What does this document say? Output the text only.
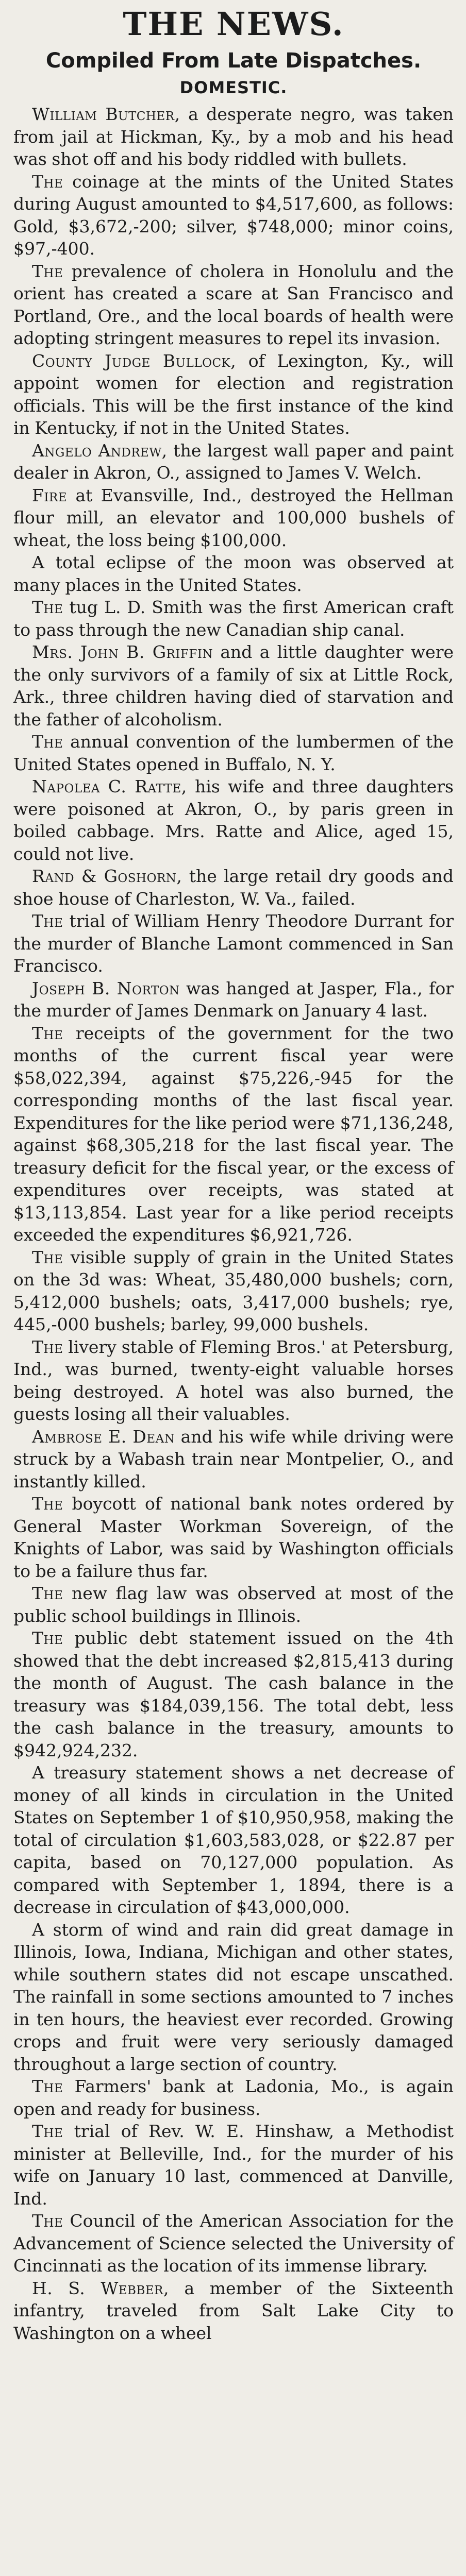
THE NEWS.
Compiled From Late Dispatches.
DOMESTIC.

William Butcher, a desperate negro, was taken from jail at Hickman, Ky., by a mob and his head was shot off and his body riddled with bullets.

The coinage at the mints of the United States during August amounted to $4,517,600, as follows: Gold, $3,672,-200; silver, $748,000; minor coins, $97,-400.

The prevalence of cholera in Honolulu and the orient has created a scare at San Francisco and Portland, Ore., and the local boards of health were adopting stringent measures to repel its invasion.

County Judge Bullock, of Lexington, Ky., will appoint women for election and registration officials. This will be the first instance of the kind in Kentucky, if not in the United States.

Angelo Andrew, the largest wall paper and paint dealer in Akron, O., assigned to James V. Welch.

Fire at Evansville, Ind., destroyed the Hellman flour mill, an elevator and 100,000 bushels of wheat, the loss being $100,000.

A total eclipse of the moon was observed at many places in the United States.

The tug L. D. Smith was the first American craft to pass through the new Canadian ship canal.

Mrs. John B. Griffin and a little daughter were the only survivors of a family of six at Little Rock, Ark., three children having died of starvation and the father of alcoholism.

The annual convention of the lumbermen of the United States opened in Buffalo, N. Y.

Napolea C. Ratte, his wife and three daughters were poisoned at Akron, O., by paris green in boiled cabbage. Mrs. Ratte and Alice, aged 15, could not live.

Rand & Goshorn, the large retail dry goods and shoe house of Charleston, W. Va., failed.

The trial of William Henry Theodore Durrant for the murder of Blanche Lamont commenced in San Francisco.

Joseph B. Norton was hanged at Jasper, Fla., for the murder of James Denmark on January 4 last.

The receipts of the government for the two months of the current fiscal year were $58,022,394, against $75,226,-945 for the corresponding months of the last fiscal year. Expenditures for the like period were $71,136,248, against $68,305,218 for the last fiscal year. The treasury deficit for the fiscal year, or the excess of expenditures over receipts, was stated at $13,113,854. Last year for a like period receipts exceeded the expenditures $6,921,726.

The visible supply of grain in the United States on the 3d was: Wheat, 35,480,000 bushels; corn, 5,412,000 bushels; oats, 3,417,000 bushels; rye, 445,-000 bushels; barley, 99,000 bushels.

The livery stable of Fleming Bros.' at Petersburg, Ind., was burned, twenty-eight valuable horses being destroyed. A hotel was also burned, the guests losing all their valuables.

Ambrose E. Dean and his wife while driving were struck by a Wabash train near Montpelier, O., and instantly killed.

The boycott of national bank notes ordered by General Master Workman Sovereign, of the Knights of Labor, was said by Washington officials to be a failure thus far.

The new flag law was observed at most of the public school buildings in Illinois.

The public debt statement issued on the 4th showed that the debt increased $2,815,413 during the month of August. The cash balance in the treasury was $184,039,156. The total debt, less the cash balance in the treasury, amounts to $942,924,232.

A treasury statement shows a net decrease of money of all kinds in circulation in the United States on September 1 of $10,950,958, making the total of circulation $1,603,583,028, or $22.87 per capita, based on 70,127,000 population. As compared with September 1, 1894, there is a decrease in circulation of $43,000,000.

A storm of wind and rain did great damage in Illinois, Iowa, Indiana, Michigan and other states, while southern states did not escape unscathed. The rainfall in some sections amounted to 7 inches in ten hours, the heaviest ever recorded. Growing crops and fruit were very seriously damaged throughout a large section of country.

The Farmers' bank at Ladonia, Mo., is again open and ready for business.

The trial of Rev. W. E. Hinshaw, a Methodist minister at Belleville, Ind., for the murder of his wife on January 10 last, commenced at Danville, Ind.

The Council of the American Association for the Advancement of Science selected the University of Cincinnati as the location of its immense library.

H. S. Webber, a member of the Sixteenth infantry, traveled from Salt Lake City to Washington on a wheel
